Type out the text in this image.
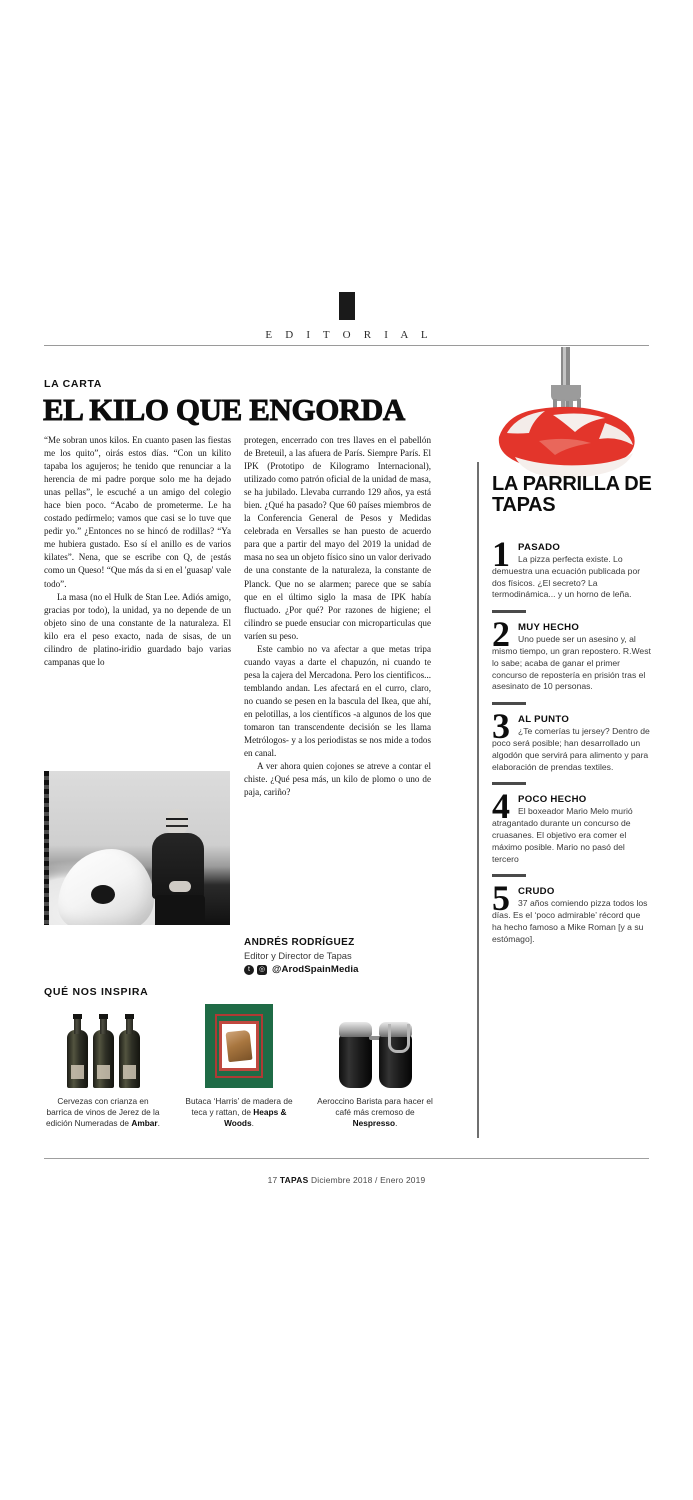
E D I T O R I A L
LA CARTA
EL KILO QUE ENGORDA

“Me sobran unos kilos. En cuanto pasen las fiestas me los quito”, oirás estos días. “Con un kilito tapaba los agujeros; he tenido que renunciar a la herencia de mi padre porque solo me ha dejado unas pellas”, le escuché a un amigo del colegio hace bien poco. “Acabo de prometerme. Le ha costado pedírmelo; vamos que casi se lo tuve que pedir yo.” ¿Entonces no se hincó de rodillas? “Ya me hubiera gustado. Eso sí el anillo es de varios kilates”. Nena, que se escribe con Q, de ¡estás como un Queso! “Que más da si en el 'guasap' vale todo”.

La masa (no el Hulk de Stan Lee. Adiós amigo, gracias por todo), la unidad, ya no depende de un objeto sino de una constante de la naturaleza. El kilo era el peso exacto, nada de sisas, de un cilindro de platino-iridio guardado bajo varias campanas que lo

protegen, encerrado con tres llaves en el pabellón de Breteuil, a las afuera de París. Siempre París. El IPK (Prototipo de Kilogramo Internacional), utilizado como patrón oficial de la unidad de masa, se ha jubilado. Llevaba currando 129 años, ya está bien. ¿Qué ha pasado? Que 60 países miembros de la Conferencia General de Pesos y Medidas celebrada en Versalles se han puesto de acuerdo para que a partir del mayo del 2019 la unidad de masa no sea un objeto físico sino un valor derivado de una constante de la naturaleza, la constante de Planck. Que no se alarmen; parece que se sabía que en el último siglo la masa de IPK había fluctuado. ¿Por qué? Por razones de higiene; el cilindro se puede ensuciar con microparticulas que varíen su peso.

Este cambio no va afectar a que metas tripa cuando vayas a darte el chapuzón, ni cuando te pesa la cajera del Mercadona. Pero los cientificos... temblando andan. Les afectará en el curro, claro, no cuando se pesen en la bascula del Ikea, que ahí, en pelotillas, a los científicos -a algunos de los que tomaron tan transcendente decisión se les llama Metrólogos- y a los periodistas se nos mide a todos en canal.

A ver ahora quien cojones se atreve a contar el chiste. ¿Qué pesa más, un kilo de plomo o uno de paja, cariño?

ANDRÉS RODRÍGUEZ
Editor y Director de Tapas
t	◎ @ArodSpainMedia
QUÉ NOS INSPIRA
Cervezas con crianza en barrica de vinos de Jerez de la edición Numeradas de Ambar.
Butaca ‘Harris’ de madera de teca y rattan, de Heaps & Woods.
Aeroccino Barista para hacer el café más cremoso de Nespresso.
LA PARRILLA DE TAPAS
1 PASADO
La pizza perfecta existe. Lo demuestra una ecuación publicada por dos físicos. ¿El secreto? La termodinámica... y un horno de leña.
2 MUY HECHO
Uno puede ser un asesino y, al mismo tiempo, un gran repostero. R.West lo sabe; acaba de ganar el primer concurso de repostería en prisión tras el asesinato de 10 personas.
3 AL PUNTO
¿Te comerías tu jersey? Dentro de poco será posible; han desarrollado un algodón que servirá para alimento y para elaboración de prendas textiles.
4 POCO HECHO
El boxeador Mario Melo murió atragantado durante un concurso de cruasanes. El objetivo era comer el máximo posible. Mario no pasó del tercero
5 CRUDO
37 años comiendo pizza todos los días. Es el ‘poco admirable’ récord que ha hecho famoso a Mike Roman [y a su estómago].
17 TAPAS Diciembre 2018 / Enero 2019
